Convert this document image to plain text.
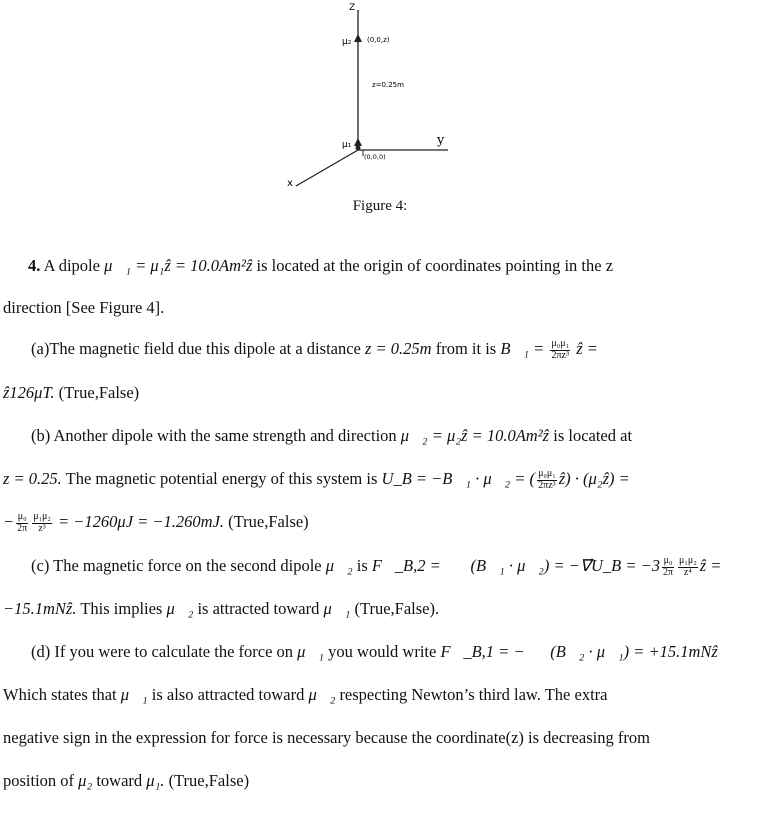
Z
y
x
μ₂ (0,0,z)
z=0.25m
μ₁
(0,0,0)
Figure 4:
4. A dipole μ⃗₁ = μ₁ẑ = 10.0Am²ẑ is located at the origin of coordinates pointing in the z
direction [See Figure 4].
(a)The magnetic field due this dipole at a distance z = 0.25m from it is B⃗₁ = $\frac{\text{μ₀μ₁}}{\text{2πz³}}$ ẑ =
ẑ126μT. (True,False)
(b) Another dipole with the same strength and direction μ⃗₂ = μ₂ẑ = 10.0Am²ẑ is located at
z = 0.25. The magnetic potential energy of this system is U_B = −B⃗₁ · μ⃗₂ = ( $\frac{\text{μ₀μ₁}}{\text{2πz³}}$ ẑ) · (μ₂ẑ) =
− $\frac{\text{μ₀}}{2\pi} \frac{\text{μ₁μ₂}}{\text{z³}} = -1260\mu J = -1.260mJ$. (True,False)
(c) The magnetic force on the second dipole μ⃗₂ is F⃗_B,2 = ∇⃗(B⃗₁ · μ⃗₂) = −∇⃗U_B = $-3 \frac{\text{μ₀}}{2\pi} \frac{\text{μ₁μ₂}}{\text{z⁴}}$ ẑ =
−15.1mNẑ. This implies μ⃗₂ is attracted toward μ⃗₁ (True,False).
(d) If you were to calculate the force on μ⃗₁ you would write F⃗_B,1 = −∇⃗(B⃗₂ · μ⃗₁) = +15.1mNẑ
Which states that μ⃗₁ is also attracted toward μ⃗₂ respecting Newton’s third law. The extra
negative sign in the expression for force is necessary because the coordinate(z) is decreasing from
position of μ₂ toward μ₁. (True,False)
